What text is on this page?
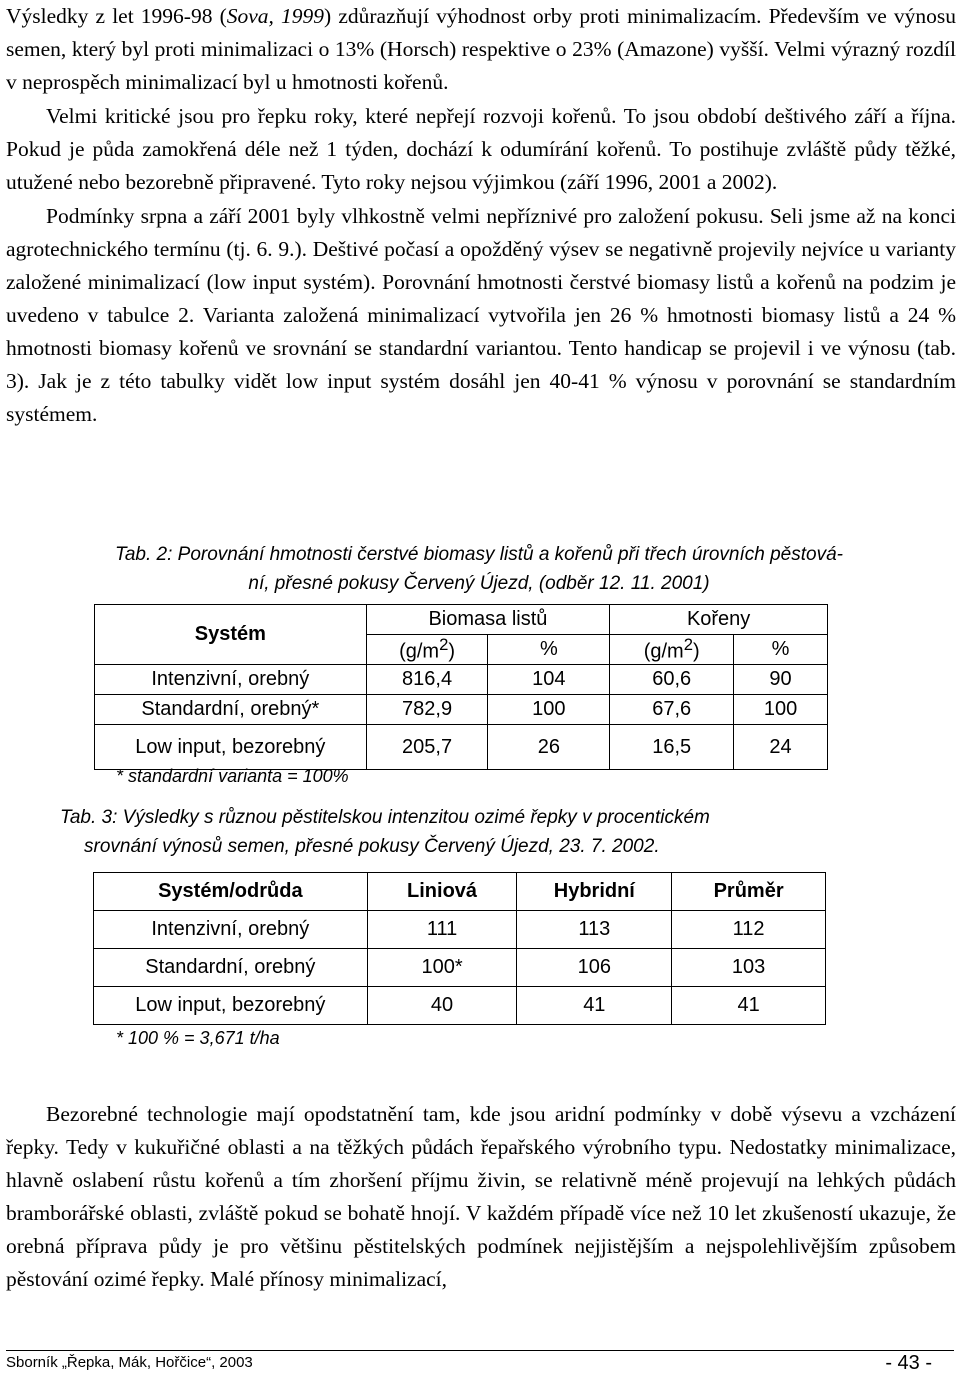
Výsledky z let 1996-98 (Sova, 1999) zdůrazňují výhodnost orby proti minimalizacím. Především ve výnosu semen, který byl proti minimalizaci o 13% (Horsch) respektive o 23% (Amazone) vyšší. Velmi výrazný rozdíl v neprospěch minimalizací byl u hmotnosti kořenů.

Velmi kritické jsou pro řepku roky, které nepřejí rozvoji kořenů. To jsou období deštivého září a října. Pokud je půda zamokřená déle než 1 týden, dochází k odumírání kořenů. To postihuje zvláště půdy těžké, utužené nebo bezorebně připravené. Tyto roky nejsou výjimkou (září 1996, 2001 a 2002).

Podmínky srpna a září 2001 byly vlhkostně velmi nepříznivé pro založení pokusu. Seli jsme až na konci agrotechnického termínu (tj. 6. 9.). Deštivé počasí a opožděný výsev se negativně projevily nejvíce u varianty založené minimalizací (low input systém). Porovnání hmotnosti čerstvé biomasy listů a kořenů na podzim je uvedeno v tabulce 2. Varianta založená minimalizací vytvořila jen 26 % hmotnosti biomasy listů a 24 % hmotnosti biomasy kořenů ve srovnání se standardní variantou. Tento handicap se projevil i ve výnosu (tab. 3). Jak je z této tabulky vidět low input systém dosáhl jen 40-41 % výnosu v porovnání se standardním systémem.

Tab. 2: Porovnání hmotnosti čerstvé biomasy listů a kořenů při třech úrovních pěstová-
ní, přesné pokusy Červený Újezd, (odběr 12. 11. 2001)
Systém	Biomasa listů		Kořeny	
	$(g/m^2)$	%	$(g/m^2)$	%
Intenzivní, orebný	816,4	104	60,6	90
Standardní, orebný*	782,9	100	67,6	100
Low input, bezorebný	205,7	26	16,5	24
* standardní varianta = 100%
Tab. 3: Výsledky s různou pěstitelskou intenzitou ozimé řepky v procentickém
srovnání výnosů semen, přesné pokusy Červený Újezd, 23. 7. 2002.
Systém/odrůda	Liniová	Hybridní	Průměr
Intenzivní, orebný	111	113	112
Standardní, orebný	100*	106	103
Low input, bezorebný	40	41	41
* 100 % = 3,671 t/ha

Bezorebné technologie mají opodstatnění tam, kde jsou aridní podmínky v době výsevu a vzcházení řepky. Tedy v kukuřičné oblasti a na těžkých půdách řepařského výrobního typu. Nedostatky minimalizace, hlavně oslabení růstu kořenů a tím zhoršení příjmu živin, se relativně méně projevují na lehkých půdách bramborářské oblasti, zvláště pokud se bohatě hnojí. V každém případě více než 10 let zkušeností ukazuje, že orebná příprava půdy je pro většinu pěstitelských podmínek nejjistějším a nejspolehlivějším způsobem pěstování ozimé řepky. Malé přínosy minimalizací,

Sborník „Řepka, Mák, Hořčice“, 2003	- 43 -
